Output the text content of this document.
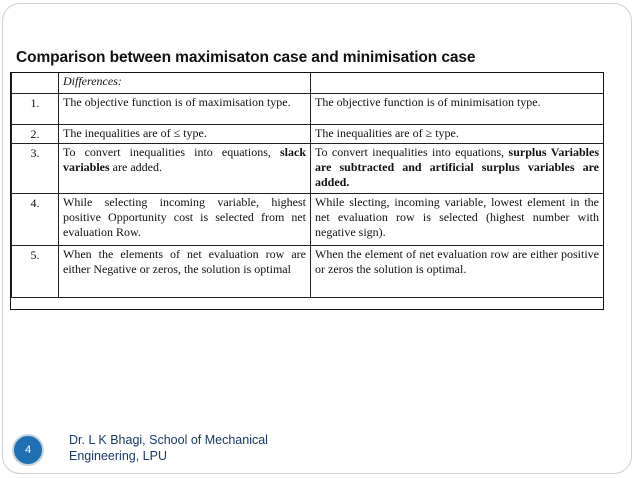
Comparison between maximisaton case and minimisation case
	Differences:	
1.	The objective function is of maximisation type.	The objective function is of minimisation type.
2.	The inequalities are of ≤ type.	The inequalities are of ≥ type.
3.	To convert inequalities into equations, slack variables are added.	To convert inequalities into equations, surplus Variables are subtracted and artificial surplus variables are added.
4.	While selecting incoming variable, highest positive Opportunity cost is selected from net evaluation Row.	While slecting, incoming variable, lowest element in the net evaluation row is selected (highest number with negative sign).
5.	When the elements of net evaluation row are either Negative or zeros, the solution is optimal	When the element of net evaluation row are either positive or zeros the solution is optimal.
4

Dr. L K Bhagi, School of Mechanical
Engineering, LPU
